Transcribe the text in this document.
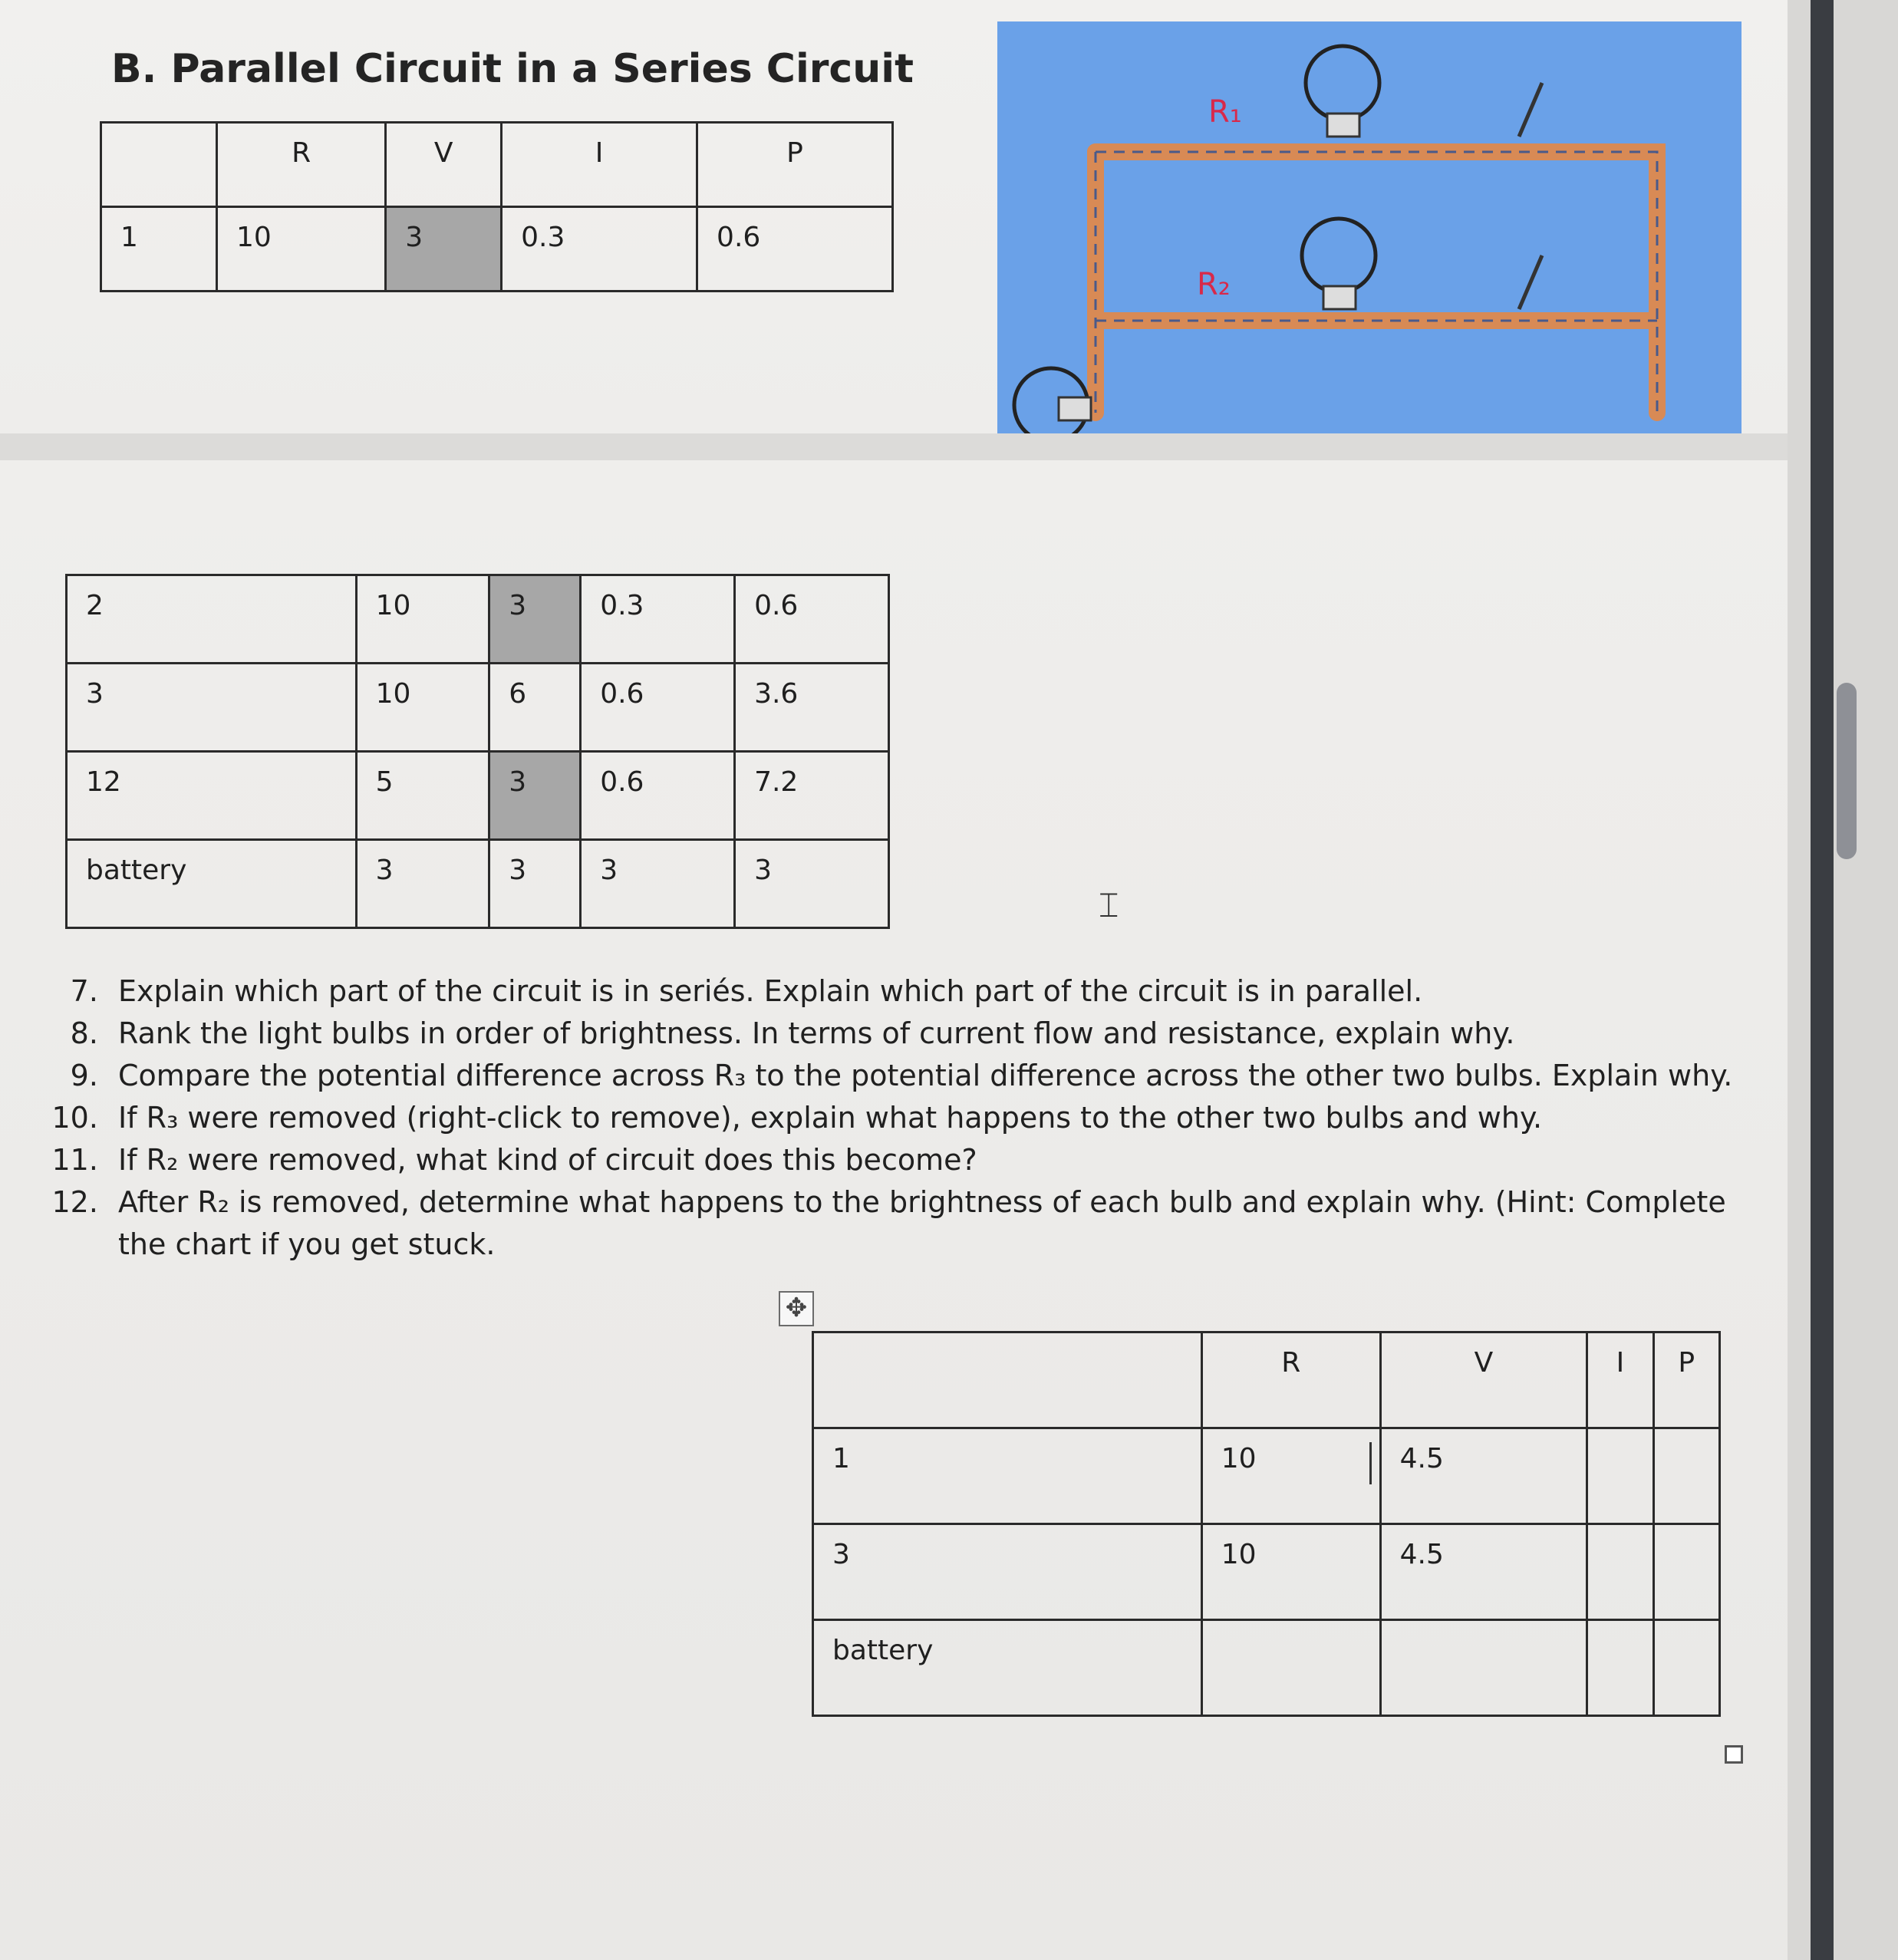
B. Parallel Circuit in a Series Circuit
	R	V	I	P
1	10	3	0.3	0.6
R₁
R₂
2	10	3	0.3	0.6
3	10	6	0.6	3.6
12	5	3	0.6	7.2
battery	3	3	3	3
⌶
7. Explain which part of the circuit is in seriés. Explain which part of the circuit is in parallel.
8. Rank the light bulbs in order of brightness. In terms of current flow and resistance, explain why.
9. Compare the potential difference across R₃ to the potential difference across the other two bulbs. Explain why.
10. If R₃ were removed (right-click to remove), explain what happens to the other two bulbs and why.
11. If R₂ were removed, what kind of circuit does this become?
12. After R₂ is removed, determine what happens to the brightness of each bulb and explain why. (Hint: Complete the chart if you get stuck.
✥
	R	V	I	P
1	10	4.5		
3	10	4.5		
battery				
